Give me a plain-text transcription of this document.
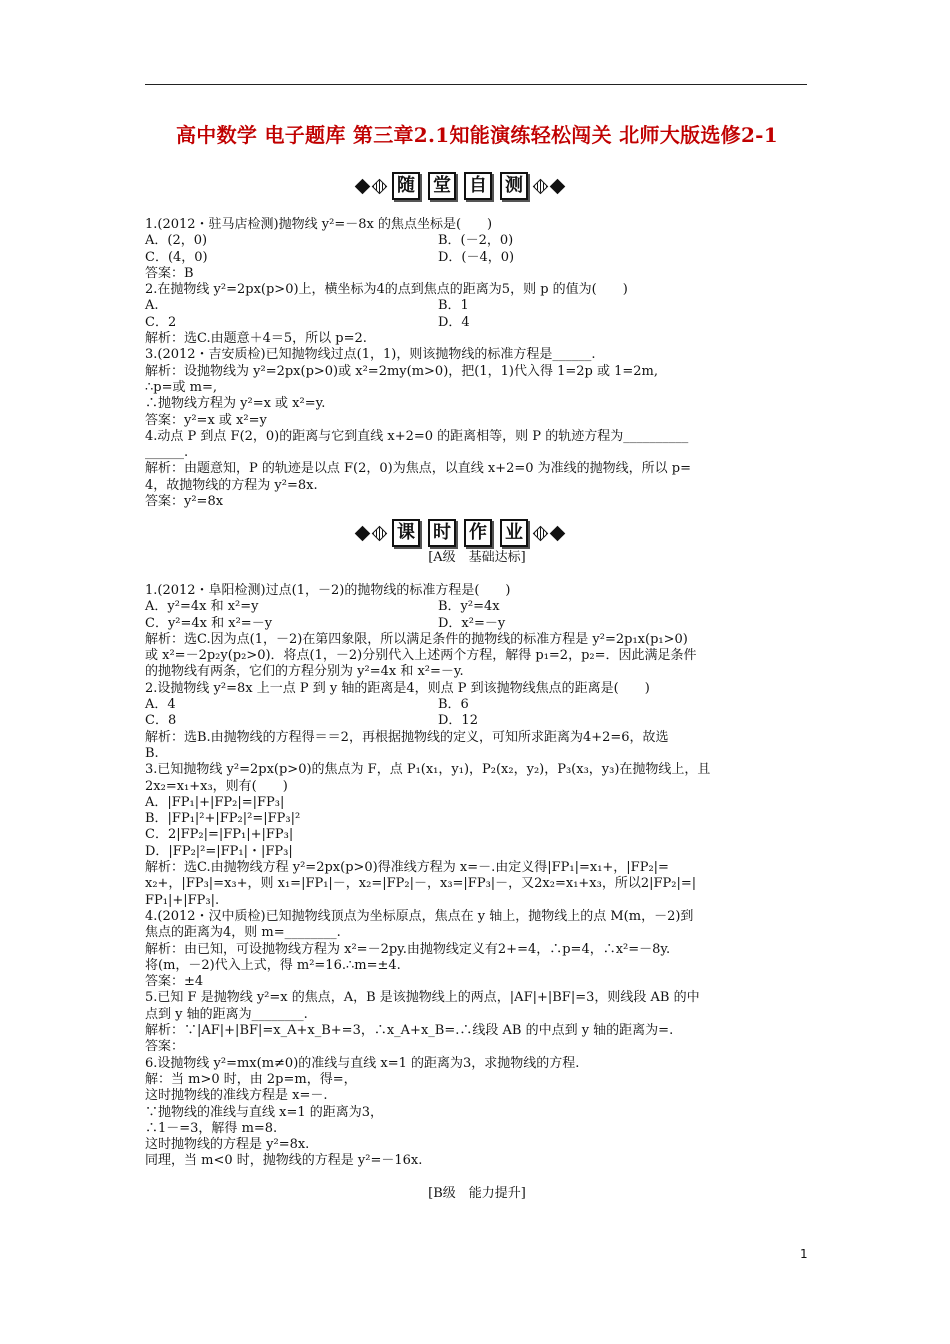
高中数学 电子题库 第三章2.1知能演练轻松闯关 北师大版选修2-1
随 堂 自 测
1.(2012・驻马店检测)抛物线 y²=－8x 的焦点坐标是(　　)
A．(2，0)	B．(－2，0)
C．(4，0)	D．(－4，0)
答案：B
2.在抛物线 y²=2px(p>0)上，横坐标为4的点到焦点的距离为5，则 p 的值为(　　)
A.	B．1
C．2	D．4
解析：选C.由题意＋4＝5，所以 p=2.
3.(2012・吉安质检)已知抛物线过点(1，1)，则该抛物线的标准方程是______.
解析：设抛物线为 y²=2px(p>0)或 x²=2my(m>0)，把(1，1)代入得 1=2p 或 1=2m,
∴p=或 m=,
∴抛物线方程为 y²=x 或 x²=y.
答案：y²=x 或 x²=y
4.动点 P 到点 F(2，0)的距离与它到直线 x+2=0 的距离相等，则 P 的轨迹方程为__________
______.
解析：由题意知，P 的轨迹是以点 F(2，0)为焦点，以直线 x+2=0 为准线的抛物线，所以 p=
4，故抛物线的方程为 y²=8x.
答案：y²=8x
课 时 作 业
[A级　基础达标]
1.(2012・阜阳检测)过点(1，－2)的抛物线的标准方程是(　　)
A．y²=4x 和 x²=y	B．y²=4x
C．y²=4x 和 x²=－y	D．x²=－y
解析：选C.因为点(1，－2)在第四象限，所以满足条件的抛物线的标准方程是 y²=2p₁x(p₁>0)
或 x²=－2p₂y(p₂>0)．将点(1，－2)分别代入上述两个方程，解得 p₁=2，p₂=．因此满足条件
的抛物线有两条，它们的方程分别为 y²=4x 和 x²=－y.
2.设抛物线 y²=8x 上一点 P 到 y 轴的距离是4，则点 P 到该抛物线焦点的距离是(　　)
A．4	B．6
C．8	D．12
解析：选B.由抛物线的方程得＝＝2，再根据抛物线的定义，可知所求距离为4+2=6，故选
B.
3.已知抛物线 y²=2px(p>0)的焦点为 F，点 P₁(x₁，y₁)，P₂(x₂，y₂)，P₃(x₃，y₃)在抛物线上，且
2x₂=x₁+x₃，则有(　　)
A．|FP₁|+|FP₂|=|FP₃|
B．|FP₁|²+|FP₂|²=|FP₃|²
C．2|FP₂|=|FP₁|+|FP₃|
D．|FP₂|²=|FP₁|・|FP₃|
解析：选C.由抛物线方程 y²=2px(p>0)得准线方程为 x=－.由定义得|FP₁|=x₁+，|FP₂|=
x₂+，|FP₃|=x₃+，则 x₁=|FP₁|－，x₂=|FP₂|－，x₃=|FP₃|－，又2x₂=x₁+x₃，所以2|FP₂|=|
FP₁|+|FP₃|.
4.(2012・汉中质检)已知抛物线顶点为坐标原点，焦点在 y 轴上，抛物线上的点 M(m，－2)到
焦点的距离为4，则 m=________.
解析：由已知，可设抛物线方程为 x²=－2py.由抛物线定义有2+=4，∴p=4，∴x²=－8y.
将(m，－2)代入上式，得 m²=16.∴m=±4.
答案：±4
5.已知 F 是抛物线 y²=x 的焦点，A，B 是该抛物线上的两点，|AF|+|BF|=3，则线段 AB 的中
点到 y 轴的距离为________.
解析：∵|AF|+|BF|=x_A+x_B+=3，∴x_A+x_B=.∴线段 AB 的中点到 y 轴的距离为=.
答案：
6.设抛物线 y²=mx(m≠0)的准线与直线 x=1 的距离为3，求抛物线的方程.
解：当 m>0 时，由 2p=m，得=，
这时抛物线的准线方程是 x=－.
∵抛物线的准线与直线 x=1 的距离为3，
∴1－=3，解得 m=8.
这时抛物线的方程是 y²=8x.
同理，当 m<0 时，抛物线的方程是 y²=－16x.
[B级　能力提升]
1
